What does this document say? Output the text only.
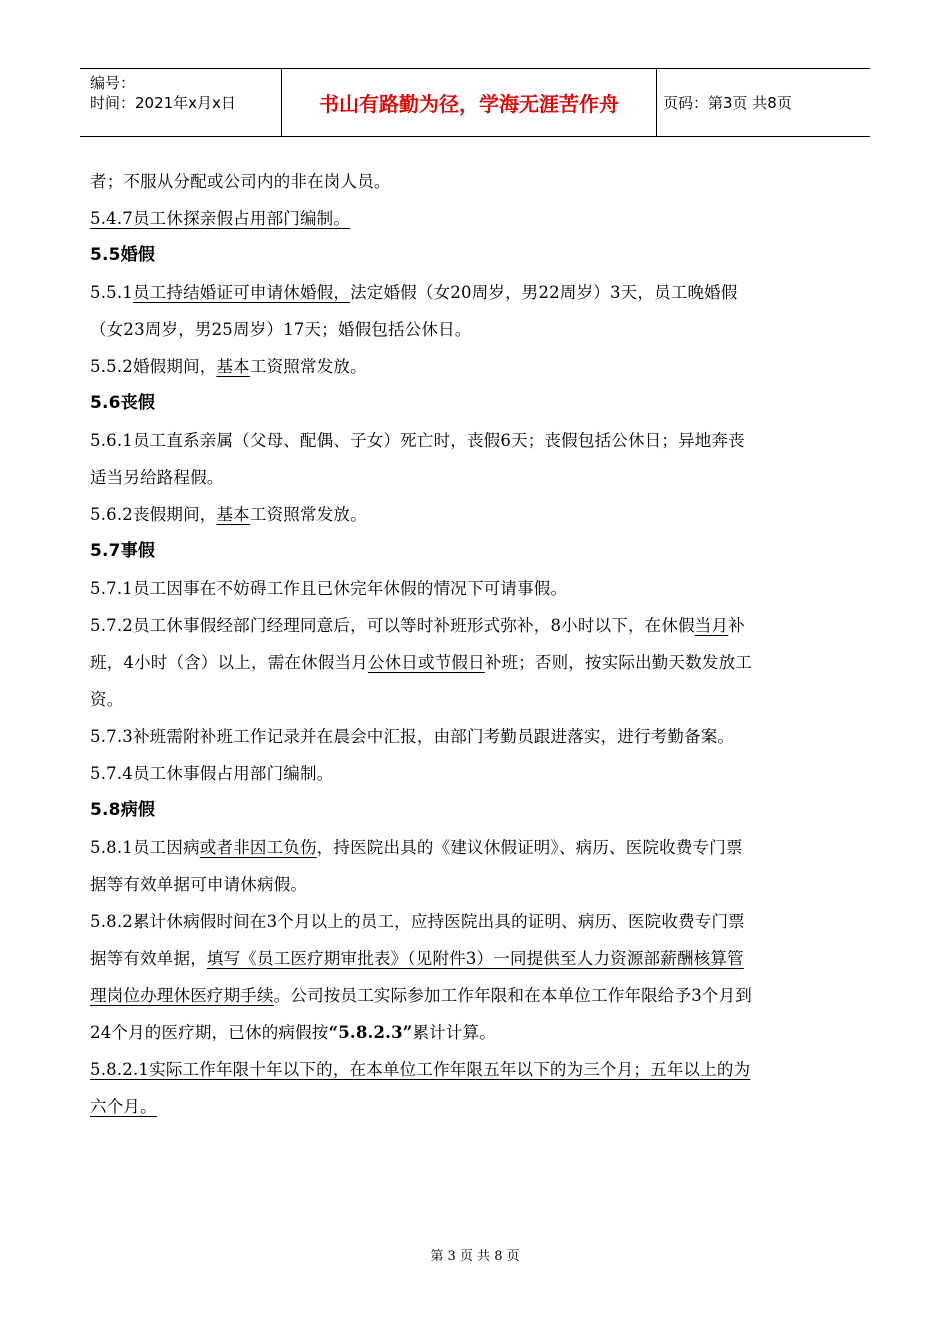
编号：
时间：2021年x月x日	书山有路勤为径，学海无涯苦作舟	页码：第3页 共8页
者；不服从分配或公司内的非在岗人员。
5.4.7员工休探亲假占用部门编制。
5.5婚假
5.5.1员工持结婚证可申请休婚假，法定婚假（女20周岁，男22周岁）3天，员工晚婚假
（女23周岁，男25周岁）17天；婚假包括公休日。
5.5.2婚假期间，基本工资照常发放。
5.6丧假
5.6.1员工直系亲属（父母、配偶、子女）死亡时，丧假6天；丧假包括公休日；异地奔丧
适当另给路程假。
5.6.2丧假期间，基本工资照常发放。
5.7事假
5.7.1员工因事在不妨碍工作且已休完年休假的情况下可请事假。
5.7.2员工休事假经部门经理同意后，可以等时补班形式弥补，8小时以下，在休假当月补
班，4小时（含）以上，需在休假当月公休日或节假日补班；否则，按实际出勤天数发放工
资。
5.7.3补班需附补班工作记录并在晨会中汇报，由部门考勤员跟进落实，进行考勤备案。
5.7.4员工休事假占用部门编制。
5.8病假
5.8.1员工因病或者非因工负伤，持医院出具的《建议休假证明》、病历、医院收费专门票
据等有效单据可申请休病假。
5.8.2累计休病假时间在3个月以上的员工，应持医院出具的证明、病历、医院收费专门票
据等有效单据，填写《员工医疗期审批表》（见附件3）一同提供至人力资源部薪酬核算管
理岗位办理休医疗期手续。公司按员工实际参加工作年限和在本单位工作年限给予3个月到
24个月的医疗期，已休的病假按“5.8.2.3”累计计算。
5.8.2.1实际工作年限十年以下的，在本单位工作年限五年以下的为三个月；五年以上的为
六个月。
第 3 页 共 8 页
